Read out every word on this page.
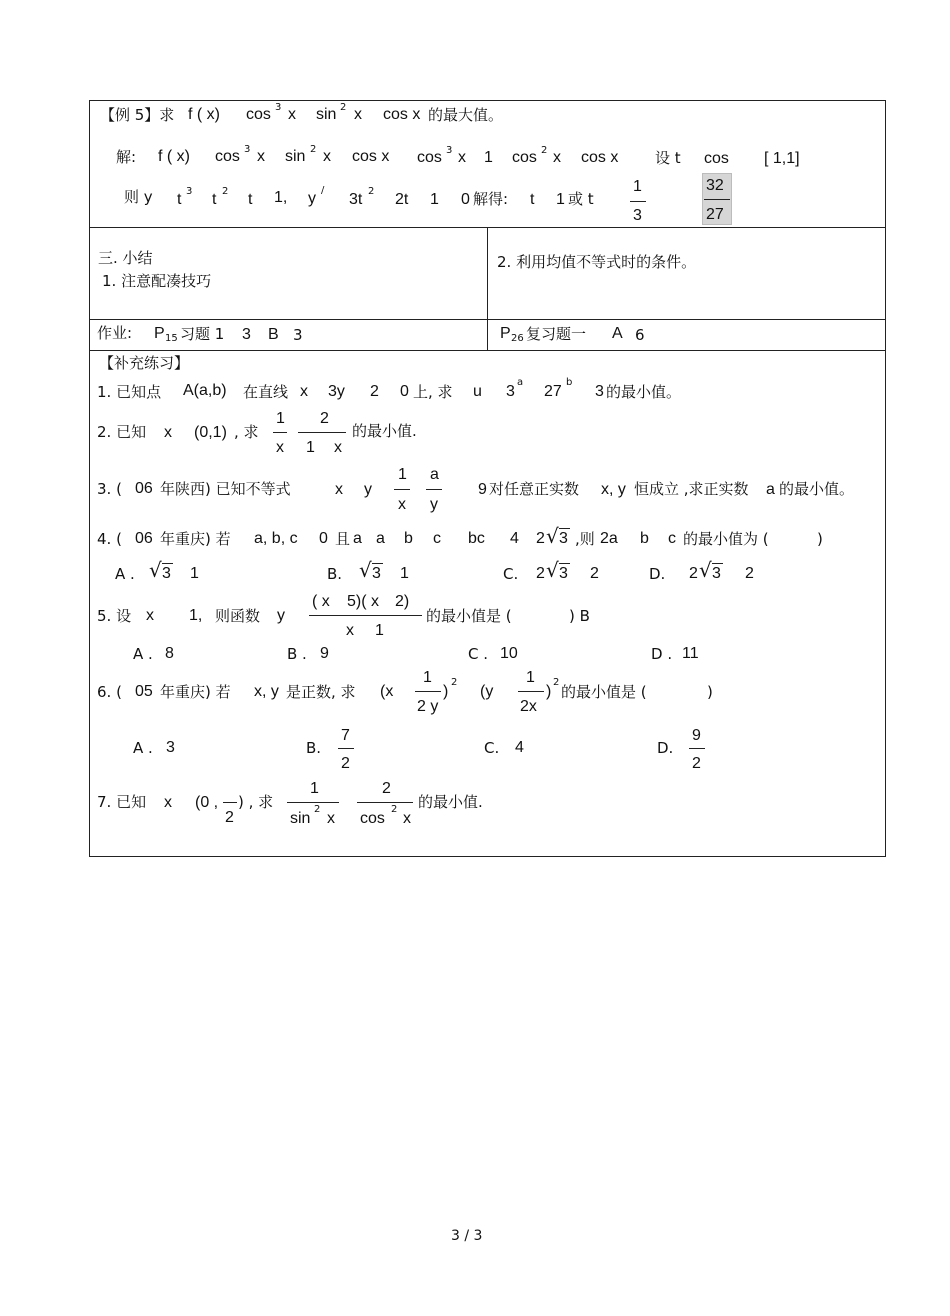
【例 5】求 f ( x) cos 3 x sin 2 x cos x 的最大值。
解: f ( x) cos 3 x sin 2 x cos x cos 3 x 1 cos 2 x cos x 设 t cos [ 1,1]
则 y t 3 t 2 t 1, y /
3t 2 2t 1 0 解得: t 1 或 t
1
3
32
27
三. 小结
1. 注意配凑技巧
2. 利用均值不等式时的条件。
作业: P 15 习题 1 3 B 3	P 26 复习题一 A 6
【补充练习】
1. 已知点 A(a,b) 在直线 x 3y 2 0 上, 求 u 3
a
27
b
3 的最小值。
2. 已知 x (0,1) , 求
1
x
2
1 x
的最小值.
3. ( 06 年陕西) 已知不等式	x y
1
x
a
y
9 对任意正实数 x, y 恒成立 ,求正实数 a 的最小值。
4. ( 06 年重庆) 若 a, b, c 0 且 a a b c bc 4 2 √ 3 ,则 2a b c 的最小值为 (	)
A . √ 3 1	B. √ 3 1	C. 2 √ 3 2	D. 2 √ 3 2
5. 设 x 1, 则函数 y
( x 5)( x 2)
x 1
的最小值是 (	) B
A . 8	B . 9	C . 10	D . 11
6. ( 05 年重庆) 若 x, y 是正数, 求 (x
1
2 y
)
2
(y
1
2x
)
2
的最小值是 (	)
A . 3	B.
7
2
C. 4	D.
9
2
7. 已知 x (0 ,
2
) , 求
1
sin
2
x
2
cos
2
x
的最小值.
3 / 3
